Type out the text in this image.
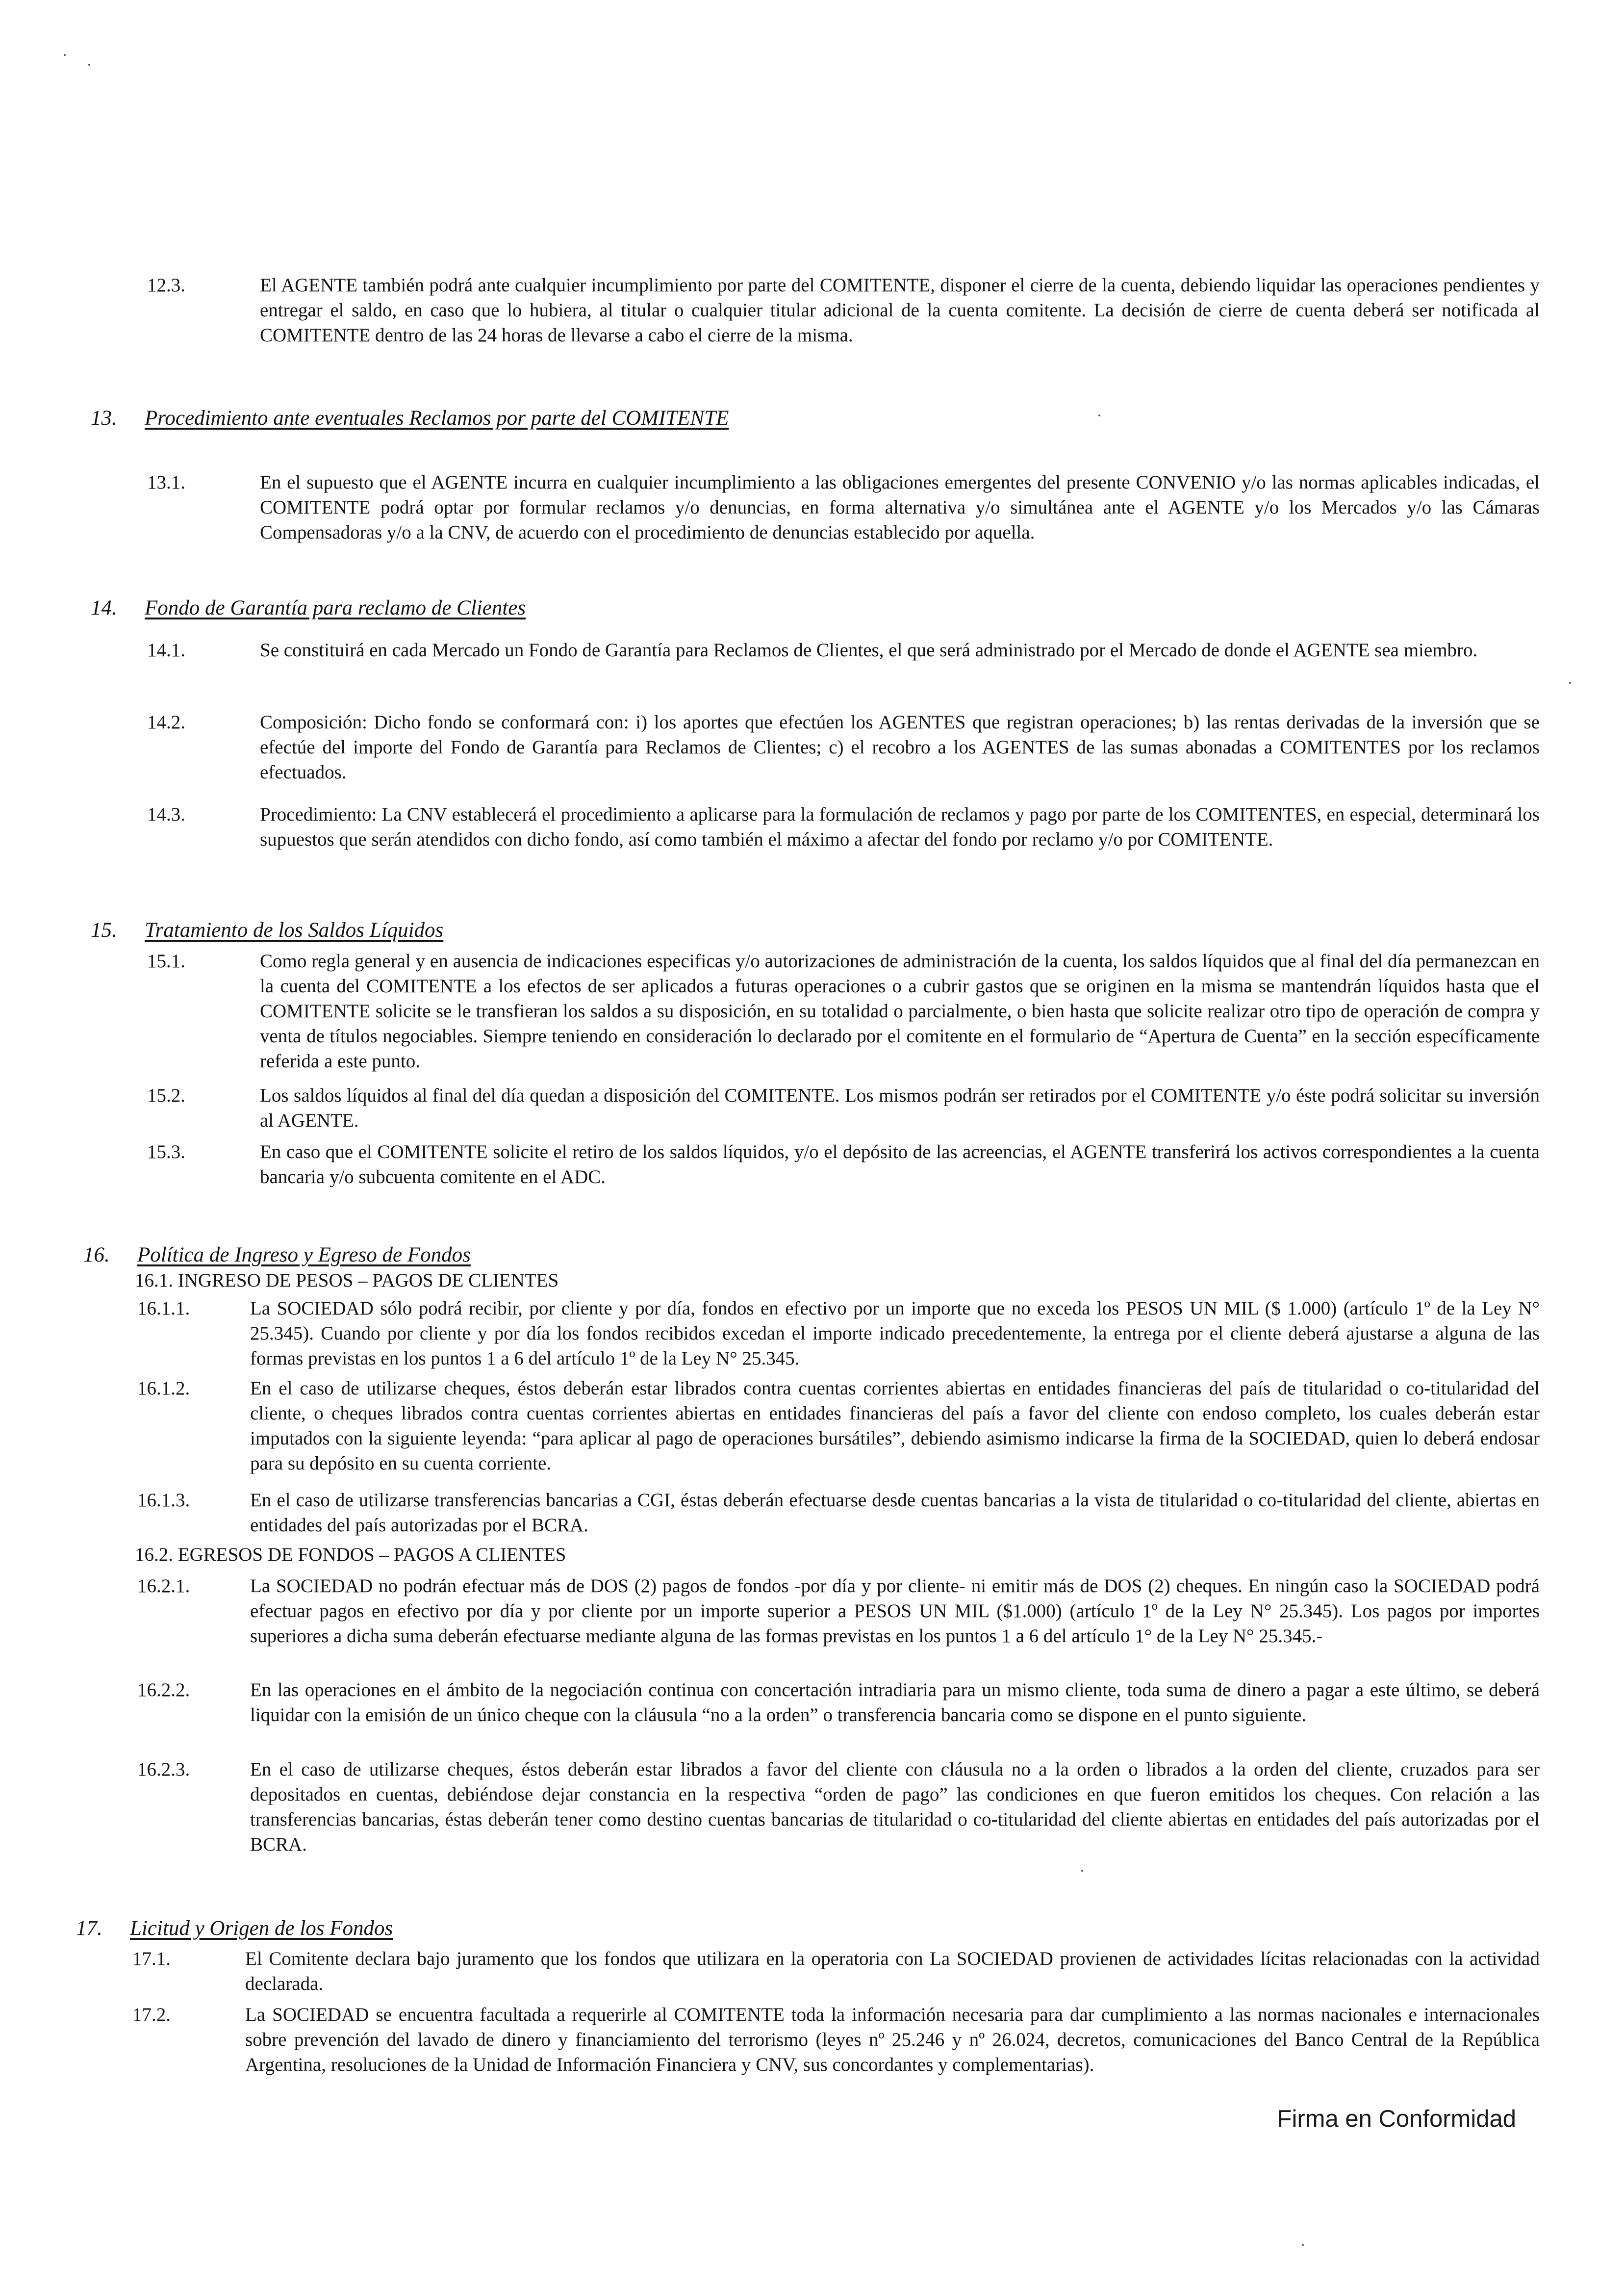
12.3.	El AGENTE también podrá ante cualquier incumplimiento por parte del COMITENTE, disponer el cierre de la cuenta, debiendo liquidar las operaciones pendientes y entregar el saldo, en caso que lo hubiera, al titular o cualquier titular adicional de la cuenta comitente. La decisión de cierre de cuenta deberá ser notificada al COMITENTE dentro de las 24 horas de llevarse a cabo el cierre de la misma.
13. Procedimiento ante eventuales Reclamos por parte del COMITENTE
13.1.	En el supuesto que el AGENTE incurra en cualquier incumplimiento a las obligaciones emergentes del presente CONVENIO y/o las normas aplicables indicadas, el COMITENTE podrá optar por formular reclamos y/o denuncias, en forma alternativa y/o simultánea ante el AGENTE y/o los Mercados y/o las Cámaras Compensadoras y/o a la CNV, de acuerdo con el procedimiento de denuncias establecido por aquella.
14. Fondo de Garantía para reclamo de Clientes
14.1.	Se constituirá en cada Mercado un Fondo de Garantía para Reclamos de Clientes, el que será administrado por el Mercado de donde el AGENTE sea miembro.
14.2.	Composición: Dicho fondo se conformará con: i) los aportes que efectúen los AGENTES que registran operaciones; b) las rentas derivadas de la inversión que se efectúe del importe del Fondo de Garantía para Reclamos de Clientes; c) el recobro a los AGENTES de las sumas abonadas a COMITENTES por los reclamos efectuados.
14.3.	Procedimiento: La CNV establecerá el procedimiento a aplicarse para la formulación de reclamos y pago por parte de los COMITENTES, en especial, determinará los supuestos que serán atendidos con dicho fondo, así como también el máximo a afectar del fondo por reclamo y/o por COMITENTE.
15. Tratamiento de los Saldos Líquidos
15.1.	Como regla general y en ausencia de indicaciones especificas y/o autorizaciones de administración de la cuenta, los saldos líquidos que al final del día permanezcan en la cuenta del COMITENTE a los efectos de ser aplicados a futuras operaciones o a cubrir gastos que se originen en la misma se mantendrán líquidos hasta que el COMITENTE solicite se le transfieran los saldos a su disposición, en su totalidad o parcialmente, o bien hasta que solicite realizar otro tipo de operación de compra y venta de títulos negociables. Siempre teniendo en consideración lo declarado por el comitente en el formulario de “Apertura de Cuenta” en la sección específicamente referida a este punto.
15.2.	Los saldos líquidos al final del día quedan a disposición del COMITENTE. Los mismos podrán ser retirados por el COMITENTE y/o éste podrá solicitar su inversión al AGENTE.
15.3.	En caso que el COMITENTE solicite el retiro de los saldos líquidos, y/o el depósito de las acreencias, el AGENTE transferirá los activos correspondientes a la cuenta bancaria y/o subcuenta comitente en el ADC.
16. Política de Ingreso y Egreso de Fondos
16.1. INGRESO DE PESOS – PAGOS DE CLIENTES
16.1.1.	La SOCIEDAD sólo podrá recibir, por cliente y por día, fondos en efectivo por un importe que no exceda los PESOS UN MIL ($ 1.000) (artículo 1º de la Ley N° 25.345). Cuando por cliente y por día los fondos recibidos excedan el importe indicado precedentemente, la entrega por el cliente deberá ajustarse a alguna de las formas previstas en los puntos 1 a 6 del artículo 1º de la Ley N° 25.345.
16.1.2.	En el caso de utilizarse cheques, éstos deberán estar librados contra cuentas corrientes abiertas en entidades financieras del país de titularidad o co-titularidad del cliente, o cheques librados contra cuentas corrientes abiertas en entidades financieras del país a favor del cliente con endoso completo, los cuales deberán estar imputados con la siguiente leyenda: “para aplicar al pago de operaciones bursátiles”, debiendo asimismo indicarse la firma de la SOCIEDAD, quien lo deberá endosar para su depósito en su cuenta corriente.
16.1.3.	En el caso de utilizarse transferencias bancarias a CGI, éstas deberán efectuarse desde cuentas bancarias a la vista de titularidad o co-titularidad del cliente, abiertas en entidades del país autorizadas por el BCRA.
16.2. EGRESOS DE FONDOS – PAGOS A CLIENTES
16.2.1.	La SOCIEDAD no podrán efectuar más de DOS (2) pagos de fondos -por día y por cliente- ni emitir más de DOS (2) cheques. En ningún caso la SOCIEDAD podrá efectuar pagos en efectivo por día y por cliente por un importe superior a PESOS UN MIL ($1.000) (artículo 1º de la Ley N° 25.345). Los pagos por importes superiores a dicha suma deberán efectuarse mediante alguna de las formas previstas en los puntos 1 a 6 del artículo 1° de la Ley N° 25.345.-
16.2.2.	En las operaciones en el ámbito de la negociación continua con concertación intradiaria para un mismo cliente, toda suma de dinero a pagar a este último, se deberá liquidar con la emisión de un único cheque con la cláusula “no a la orden” o transferencia bancaria como se dispone en el punto siguiente.
16.2.3.	En el caso de utilizarse cheques, éstos deberán estar librados a favor del cliente con cláusula no a la orden o librados a la orden del cliente, cruzados para ser depositados en cuentas, debiéndose dejar constancia en la respectiva “orden de pago” las condiciones en que fueron emitidos los cheques. Con relación a las transferencias bancarias, éstas deberán tener como destino cuentas bancarias de titularidad o co-titularidad del cliente abiertas en entidades del país autorizadas por el BCRA.
17. Licitud y Origen de los Fondos
17.1.	El Comitente declara bajo juramento que los fondos que utilizara en la operatoria con La SOCIEDAD provienen de actividades lícitas relacionadas con la actividad declarada.
17.2.	La SOCIEDAD se encuentra facultada a requerirle al COMITENTE toda la información necesaria para dar cumplimiento a las normas nacionales e internacionales sobre prevención del lavado de dinero y financiamiento del terrorismo (leyes nº 25.246 y nº 26.024, decretos, comunicaciones del Banco Central de la República Argentina, resoluciones de la Unidad de Información Financiera y CNV, sus concordantes y complementarias).
Firma en Conformidad
